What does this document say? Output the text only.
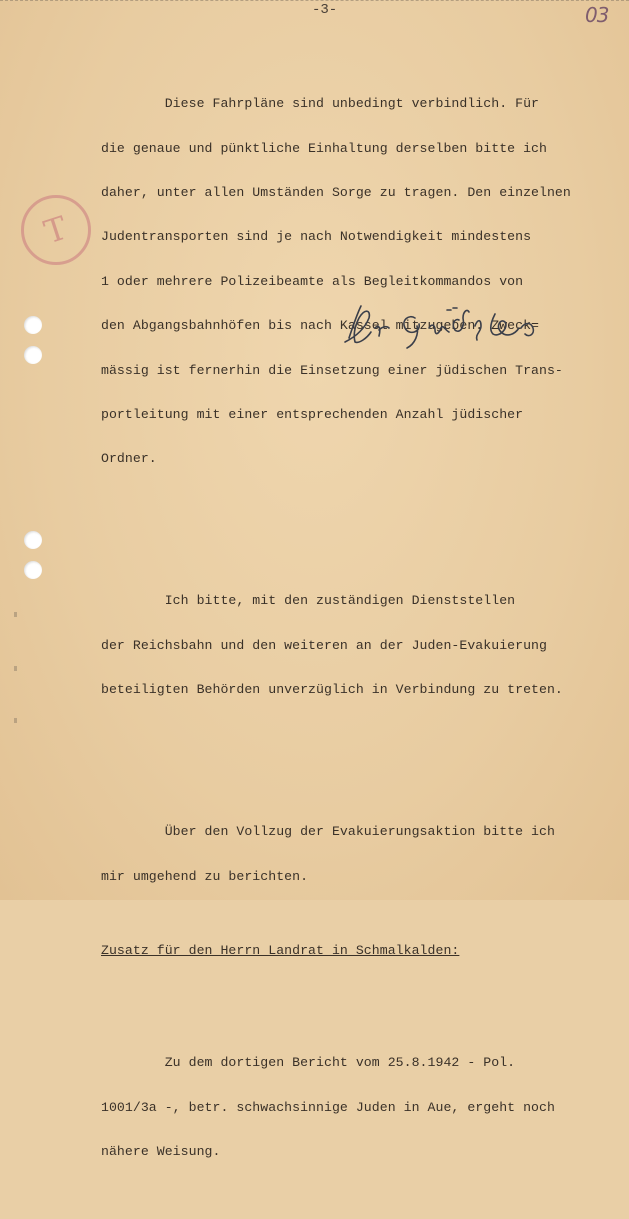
-3-	03
T

Diese Fahrpläne sind unbedingt verbindlich. Für

die genaue und pünktliche Einhaltung derselben bitte ich

daher, unter allen Umständen Sorge zu tragen. Den einzelnen

Judentransporten sind je nach Notwendigkeit mindestens

1 oder mehrere Polizeibeamte als Begleitkommandos von

den Abgangsbahnhöfen bis nach Kassel mitzugeben. Zweck=

mässig ist fernerhin die Einsetzung einer jüdischen Trans-

portleitung mit einer entsprechenden Anzahl jüdischer

Ordner.

Ich bitte, mit den zuständigen Dienststellen

der Reichsbahn und den weiteren an der Juden-Evakuierung

beteiligten Behörden unverzüglich in Verbindung zu treten.

Über den Vollzug der Evakuierungsaktion bitte ich

mir umgehend zu berichten.

Zusatz für den Herrn Landrat in Schmalkalden:

Zu dem dortigen Bericht vom 25.8.1942 - Pol.

1001/3a -, betr. schwachsinnige Juden in Aue, ergeht noch

nähere Weisung.
